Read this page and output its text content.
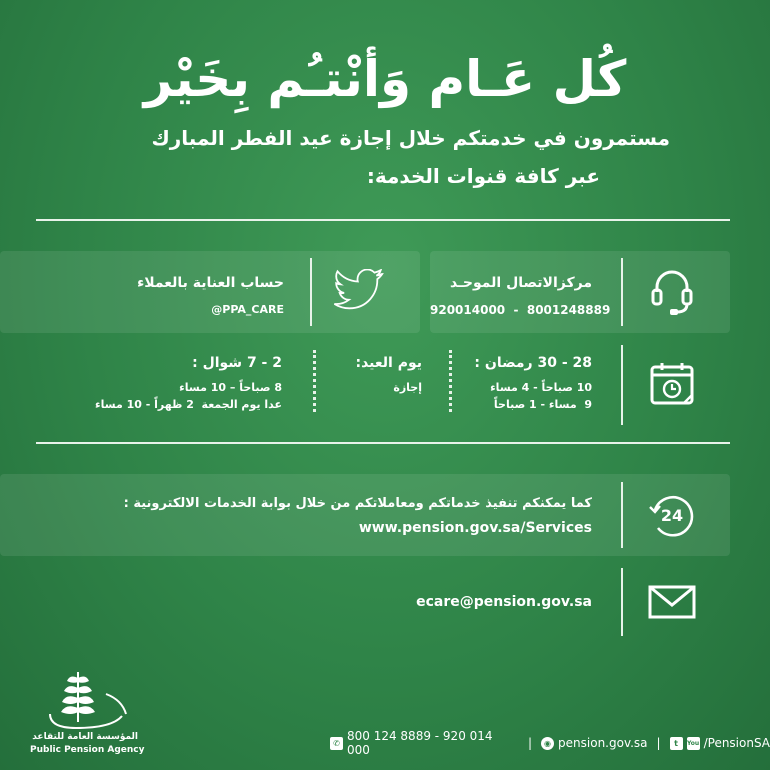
كُل عَـام وَأنْتـُم بِخَيْر
مستمرون في خدمتكم خلال إجازة عيد الفطر المبارك
عبر كافة قنوات الخدمة:
مركزالاتصال الموحـد
920014000  -  8001248889
حساب العناية بالعملاء
@PPA_CARE
28 - 30 رمضان :
10 صباحاً - 4 مساء
9  مساء - 1 صباحاً
يوم العيد:
إجازة
2 - 7 شوال :
8 صباحاً – 10 مساء
عدا يوم الجمعة  2 ظهراً - 10 مساء
24
كما يمكنكم تنفيذ خدماتكم ومعاملاتكم من خلال بوابة الخدمات الالكترونية :
www.pension.gov.sa/Services
ecare@pension.gov.sa
المؤسسة العامة للتقاعد
Public Pension Agency
✆ 800 124 8889 - 920 014 000	|	◉ pension.gov.sa |	t	You /PensionSA
